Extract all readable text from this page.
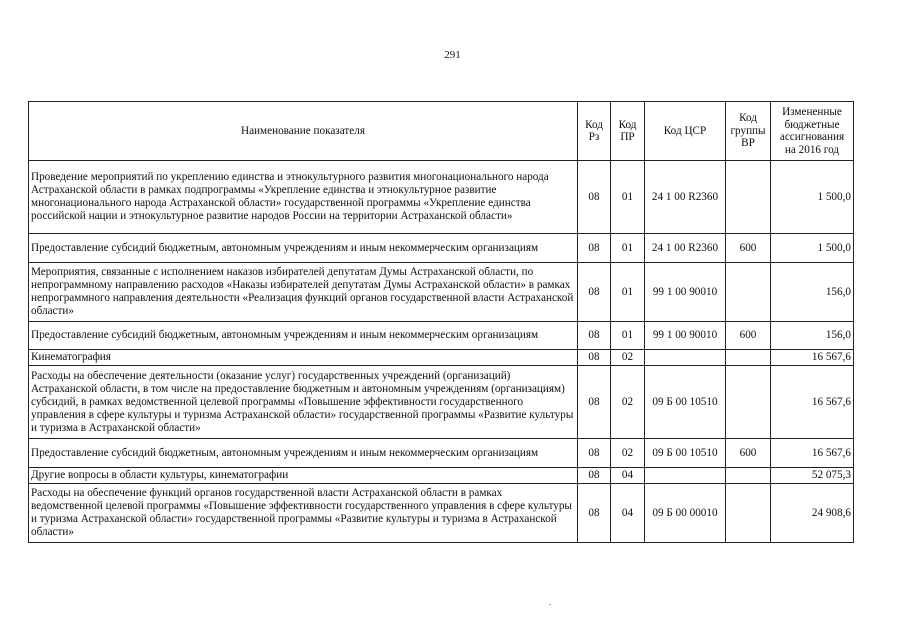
291
Наименование показателя	Код Рз	Код ПР	Код ЦСР	Код группы ВР	Измененные бюджетные ассигнования на 2016 год
Проведение мероприятий по укреплению единства и этнокультурного развития многонационального народа Астраханской области в рамках подпрограммы «Укрепление единства и этнокультурное развитие многонационального народа Астраханской области» государственной программы «Укрепление единства российской нации и этнокультурное развитие народов России на территории Астраханской области»	08	01	24 1 00 R2360		1 500,0
Предоставление субсидий бюджетным, автономным учреждениям и иным некоммерческим организациям	08	01	24 1 00 R2360	600	1 500,0
Мероприятия, связанные с исполнением наказов избирателей депутатам Думы Астраханской области, по непрограммному направлению расходов «Наказы избирателей депутатам Думы Астраханской области» в рамках непрограммного направления деятельности «Реализация функций органов государственной власти Астраханской области»	08	01	99 1 00 90010		156,0
Предоставление субсидий бюджетным, автономным учреждениям и иным некоммерческим организациям	08	01	99 1 00 90010	600	156,0
Кинематография	08	02			16 567,6
Расходы на обеспечение деятельности (оказание услуг) государственных учреждений (организаций) Астраханской области, в том числе на предоставление бюджетным и автономным учреждениям (организациям) субсидий, в рамках ведомственной целевой программы «Повышение эффективности государственного управления в сфере культуры и туризма Астраханской области» государственной программы «Развитие культуры и туризма в Астраханской области»	08	02	09 Б 00 10510		16 567,6
Предоставление субсидий бюджетным, автономным учреждениям и иным некоммерческим организациям	08	02	09 Б 00 10510	600	16 567,6
Другие вопросы в области культуры, кинематографии	08	04			52 075,3
Расходы на обеспечение функций органов государственной власти Астраханской области в рамках ведомственной целевой программы «Повышение эффективности государственного управления в сфере культуры и туризма Астраханской области» государственной программы «Развитие культуры и туризма в Астраханской области»	08	04	09 Б 00 00010		24 908,6
